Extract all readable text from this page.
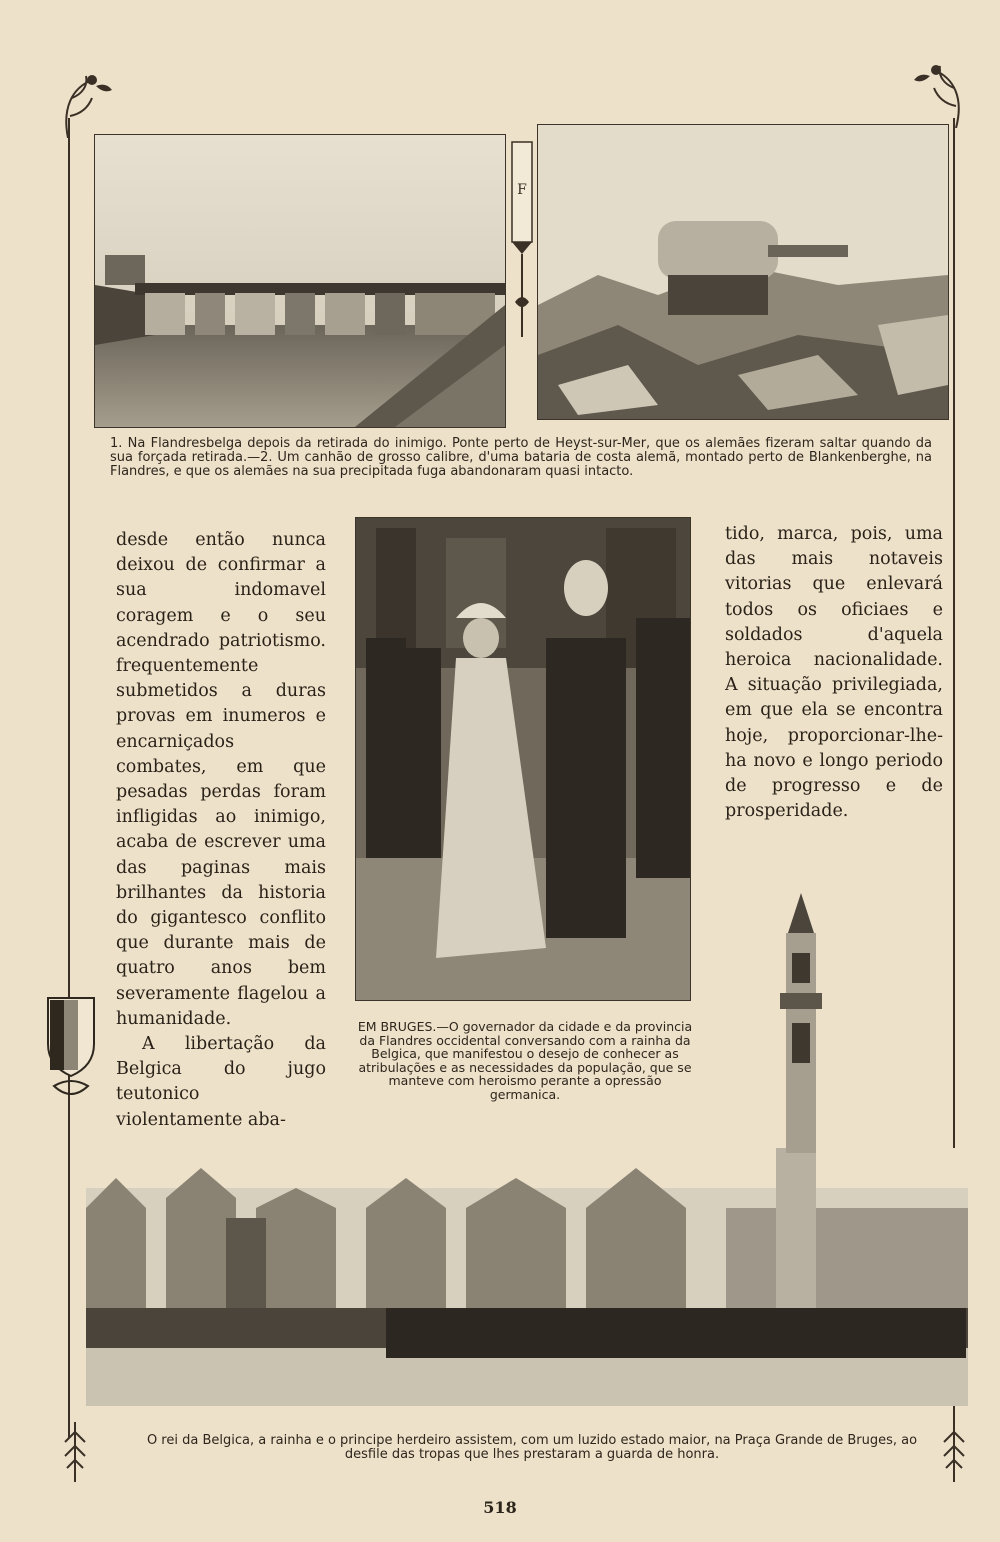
F
1. Na Flandresbelga depois da retirada do inimigo. Ponte perto de Heyst-sur-Mer, que os alemães fizeram saltar quando da sua forçada retirada.—2. Um canhão de grosso calibre, d'uma bataria de costa alemã, montado perto de Blankenberghe, na Flandres, e que os alemães na sua precipitada fuga abandonaram quasi intacto.

desde então nunca deixou de confirmar a sua indomavel coragem e o seu acendrado patriotismo. frequentemente submetidos a duras provas em inumeros e encarniçados combates, em que pesadas perdas foram infligidas ao inimigo, acaba de escrever uma das paginas mais brilhantes da historia do gigantesco conflito que durante mais de quatro anos bem severamente flagelou a humanidade.

A libertação da Belgica do jugo teutonico violentamente aba-

EM BRUGES.—O governador da cidade e da provincia da Flandres occidental conversando com a rainha da Belgica, que manifestou o desejo de conhecer as atribulações e as necessidades da população, que se manteve com heroismo perante a opressão germanica.

tido, marca, pois, uma das mais notaveis vitorias que enlevará todos os oficiaes e soldados d'aquela heroica nacionalidade. A situação privilegiada, em que ela se encontra hoje, proporcionar-lhe-ha novo e longo periodo de progresso e de prosperidade.

O rei da Belgica, a rainha e o principe herdeiro assistem, com um luzido estado maior, na Praça Grande de Bruges, ao desfile das tropas que lhes prestaram a guarda de honra.
518
